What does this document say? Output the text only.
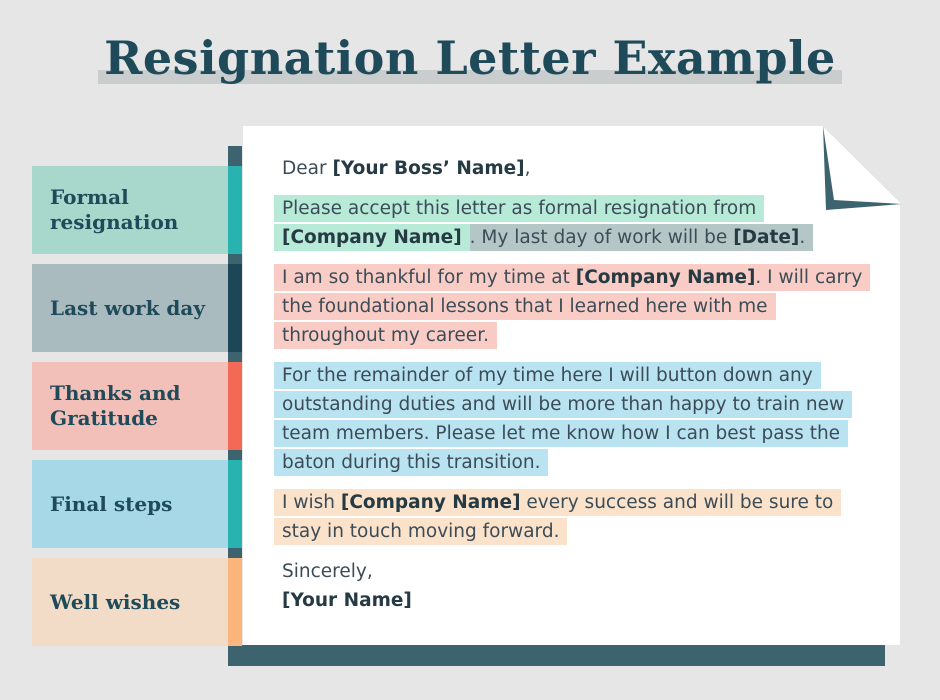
Resignation Letter Example
Formal resignation
Last work day
Thanks and Gratitude
Final steps
Well wishes

Dear [Your Boss’ Name],

Please accept this letter as formal resignation from
[Company Name] . My last day of work will be [Date].

I am so thankful for my time at [Company Name]. I will carry the foundational lessons that I learned here with me throughout my career.

For the remainder of my time here I will button down any outstanding duties and will be more than happy to train new team members. Please let me know how I can best pass the baton during this transition.

I wish [Company Name] every success and will be sure to stay in touch moving forward.

Sincerely,
[Your Name]
